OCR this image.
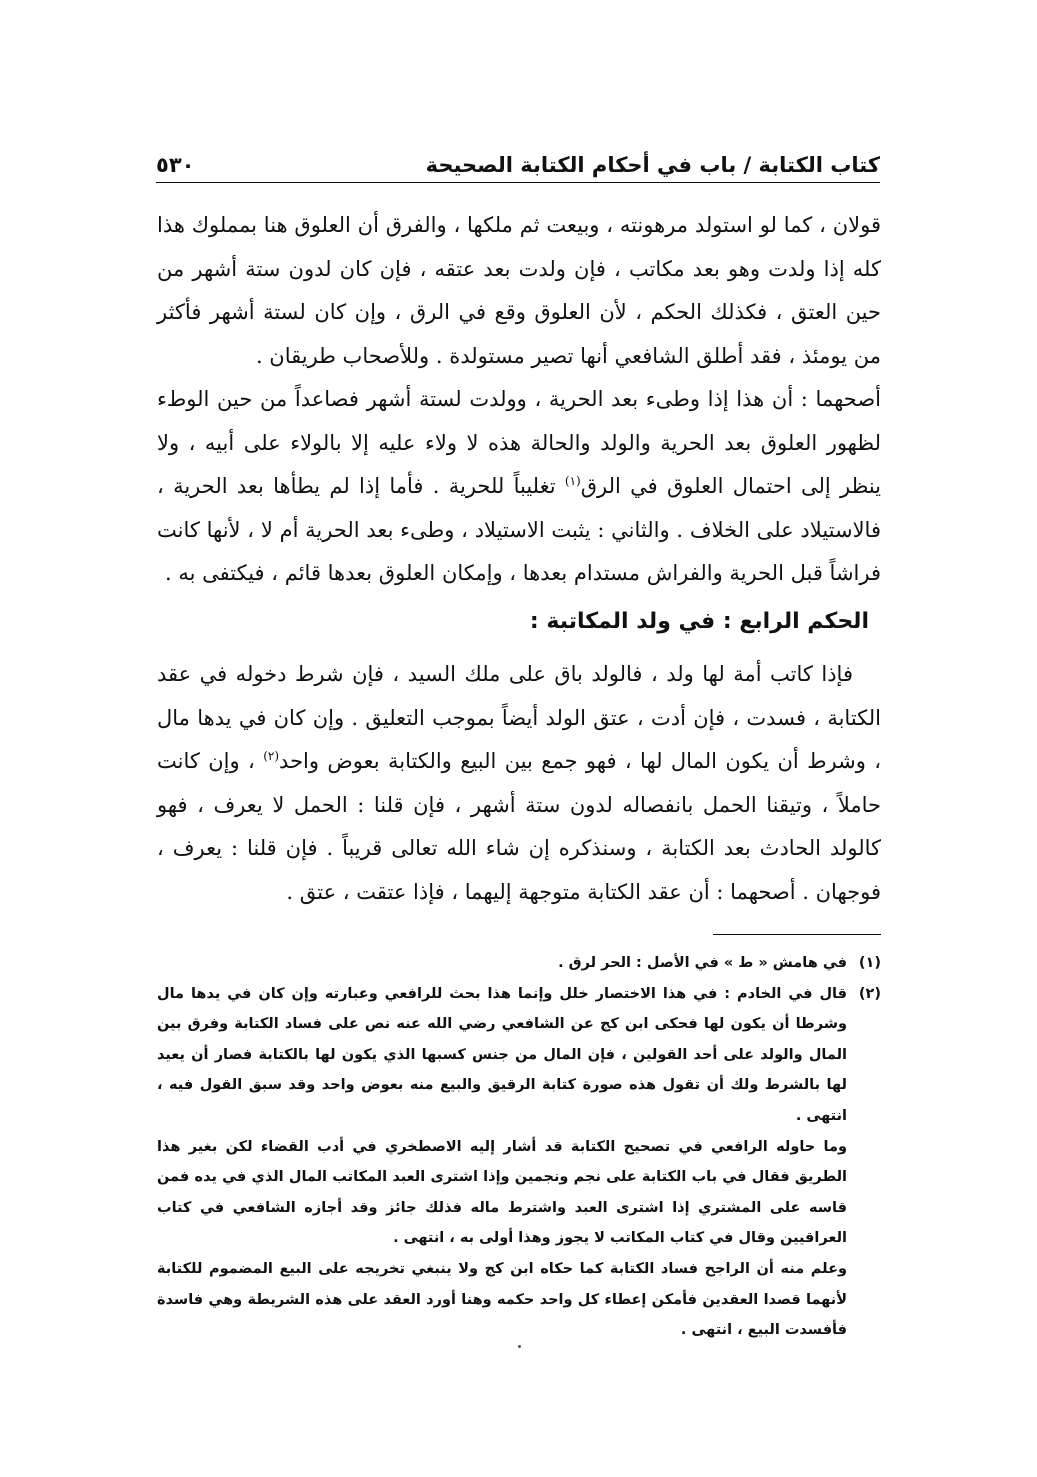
كتاب الكتابة / باب في أحكام الكتابة الصحيحة
٥٣٠

قولان ، كما لو استولد مرهونته ، وبيعت ثم ملكها ، والفرق أن العلوق هنا بمملوك هذا كله إذا ولدت وهو بعد مكاتب ، فإن ولدت بعد عتقه ، فإن كان لدون ستة أشهر من حين العتق ، فكذلك الحكم ، لأن العلوق وقع في الرق ، وإن كان لستة أشهر فأكثر من يومئذ ، فقد أطلق الشافعي أنها تصير مستولدة . وللأصحاب طريقان .

أصحهما : أن هذا إذا وطىء بعد الحرية ، وولدت لستة أشهر فصاعداً من حين الوطء لظهور العلوق بعد الحرية والولد والحالة هذه لا ولاء عليه إلا بالولاء على أبيه ، ولا ينظر إلى احتمال العلوق في الرق$^{(١)}$ تغليباً للحرية . فأما إذا لم يطأها بعد الحرية ، فالاستيلاد على الخلاف . والثاني : يثبت الاستيلاد ، وطىء بعد الحرية أم لا ، لأنها كانت فراشاً قبل الحرية والفراش مستدام بعدها ، وإمكان العلوق بعدها قائم ، فيكتفى به .

الحكم الرابع : في ولد المكاتبة :

فإذا كاتب أمة لها ولد ، فالولد باق على ملك السيد ، فإن شرط دخوله في عقد الكتابة ، فسدت ، فإن أدت ، عتق الولد أيضاً بموجب التعليق . وإن كان في يدها مال ، وشرط أن يكون المال لها ، فهو جمع بين البيع والكتابة بعوض واحد$^{(٢)}$ ، وإن كانت حاملاً ، وتيقنا الحمل بانفصاله لدون ستة أشهر ، فإن قلنا : الحمل لا يعرف ، فهو كالولد الحادث بعد الكتابة ، وسنذكره إن شاء الله تعالى قريباً . فإن قلنا : يعرف ، فوجهان . أصحهما : أن عقد الكتابة متوجهة إليهما ، فإذا عتقت ، عتق .

(١)

في هامش « ط » في الأصل : الحر لرق .

(٢)

قال في الخادم : في هذا الاختصار خلل وإنما هذا بحث للرافعي وعبارته وإن كان في يدها مال وشرطا أن يكون لها فحكى ابن كج عن الشافعي رضي الله عنه نص على فساد الكتابة وفرق بين المال والولد على أحد القولين ، فإن المال من جنس كسبها الذي يكون لها بالكتابة فصار أن يعيد لها بالشرط ولك أن تقول هذه صورة كتابة الرقيق والبيع منه بعوض واحد وقد سبق القول فيه ، انتهى .

وما حاوله الرافعي في تصحيح الكتابة قد أشار إليه الاصطخري في أدب القضاء لكن بغير هذا الطريق فقال في باب الكتابة على نجم ونجمين وإذا اشترى العبد المكاتب المال الذي في يده فمن قاسه على المشتري إذا اشترى العبد واشترط ماله فذلك جائز وقد أجازه الشافعي في كتاب العراقيين وقال في كتاب المكاتب لا يجوز وهذا أولى به ، انتهى .

وعلم منه أن الراجح فساد الكتابة كما حكاه ابن كج ولا ينبغي تخريجه على البيع المضموم للكتابة لأنهما قصدا العقدين فأمكن إعطاء كل واحد حكمه وهنا أورد العقد على هذه الشريطة وهي فاسدة فأفسدت البيع ، انتهى .
